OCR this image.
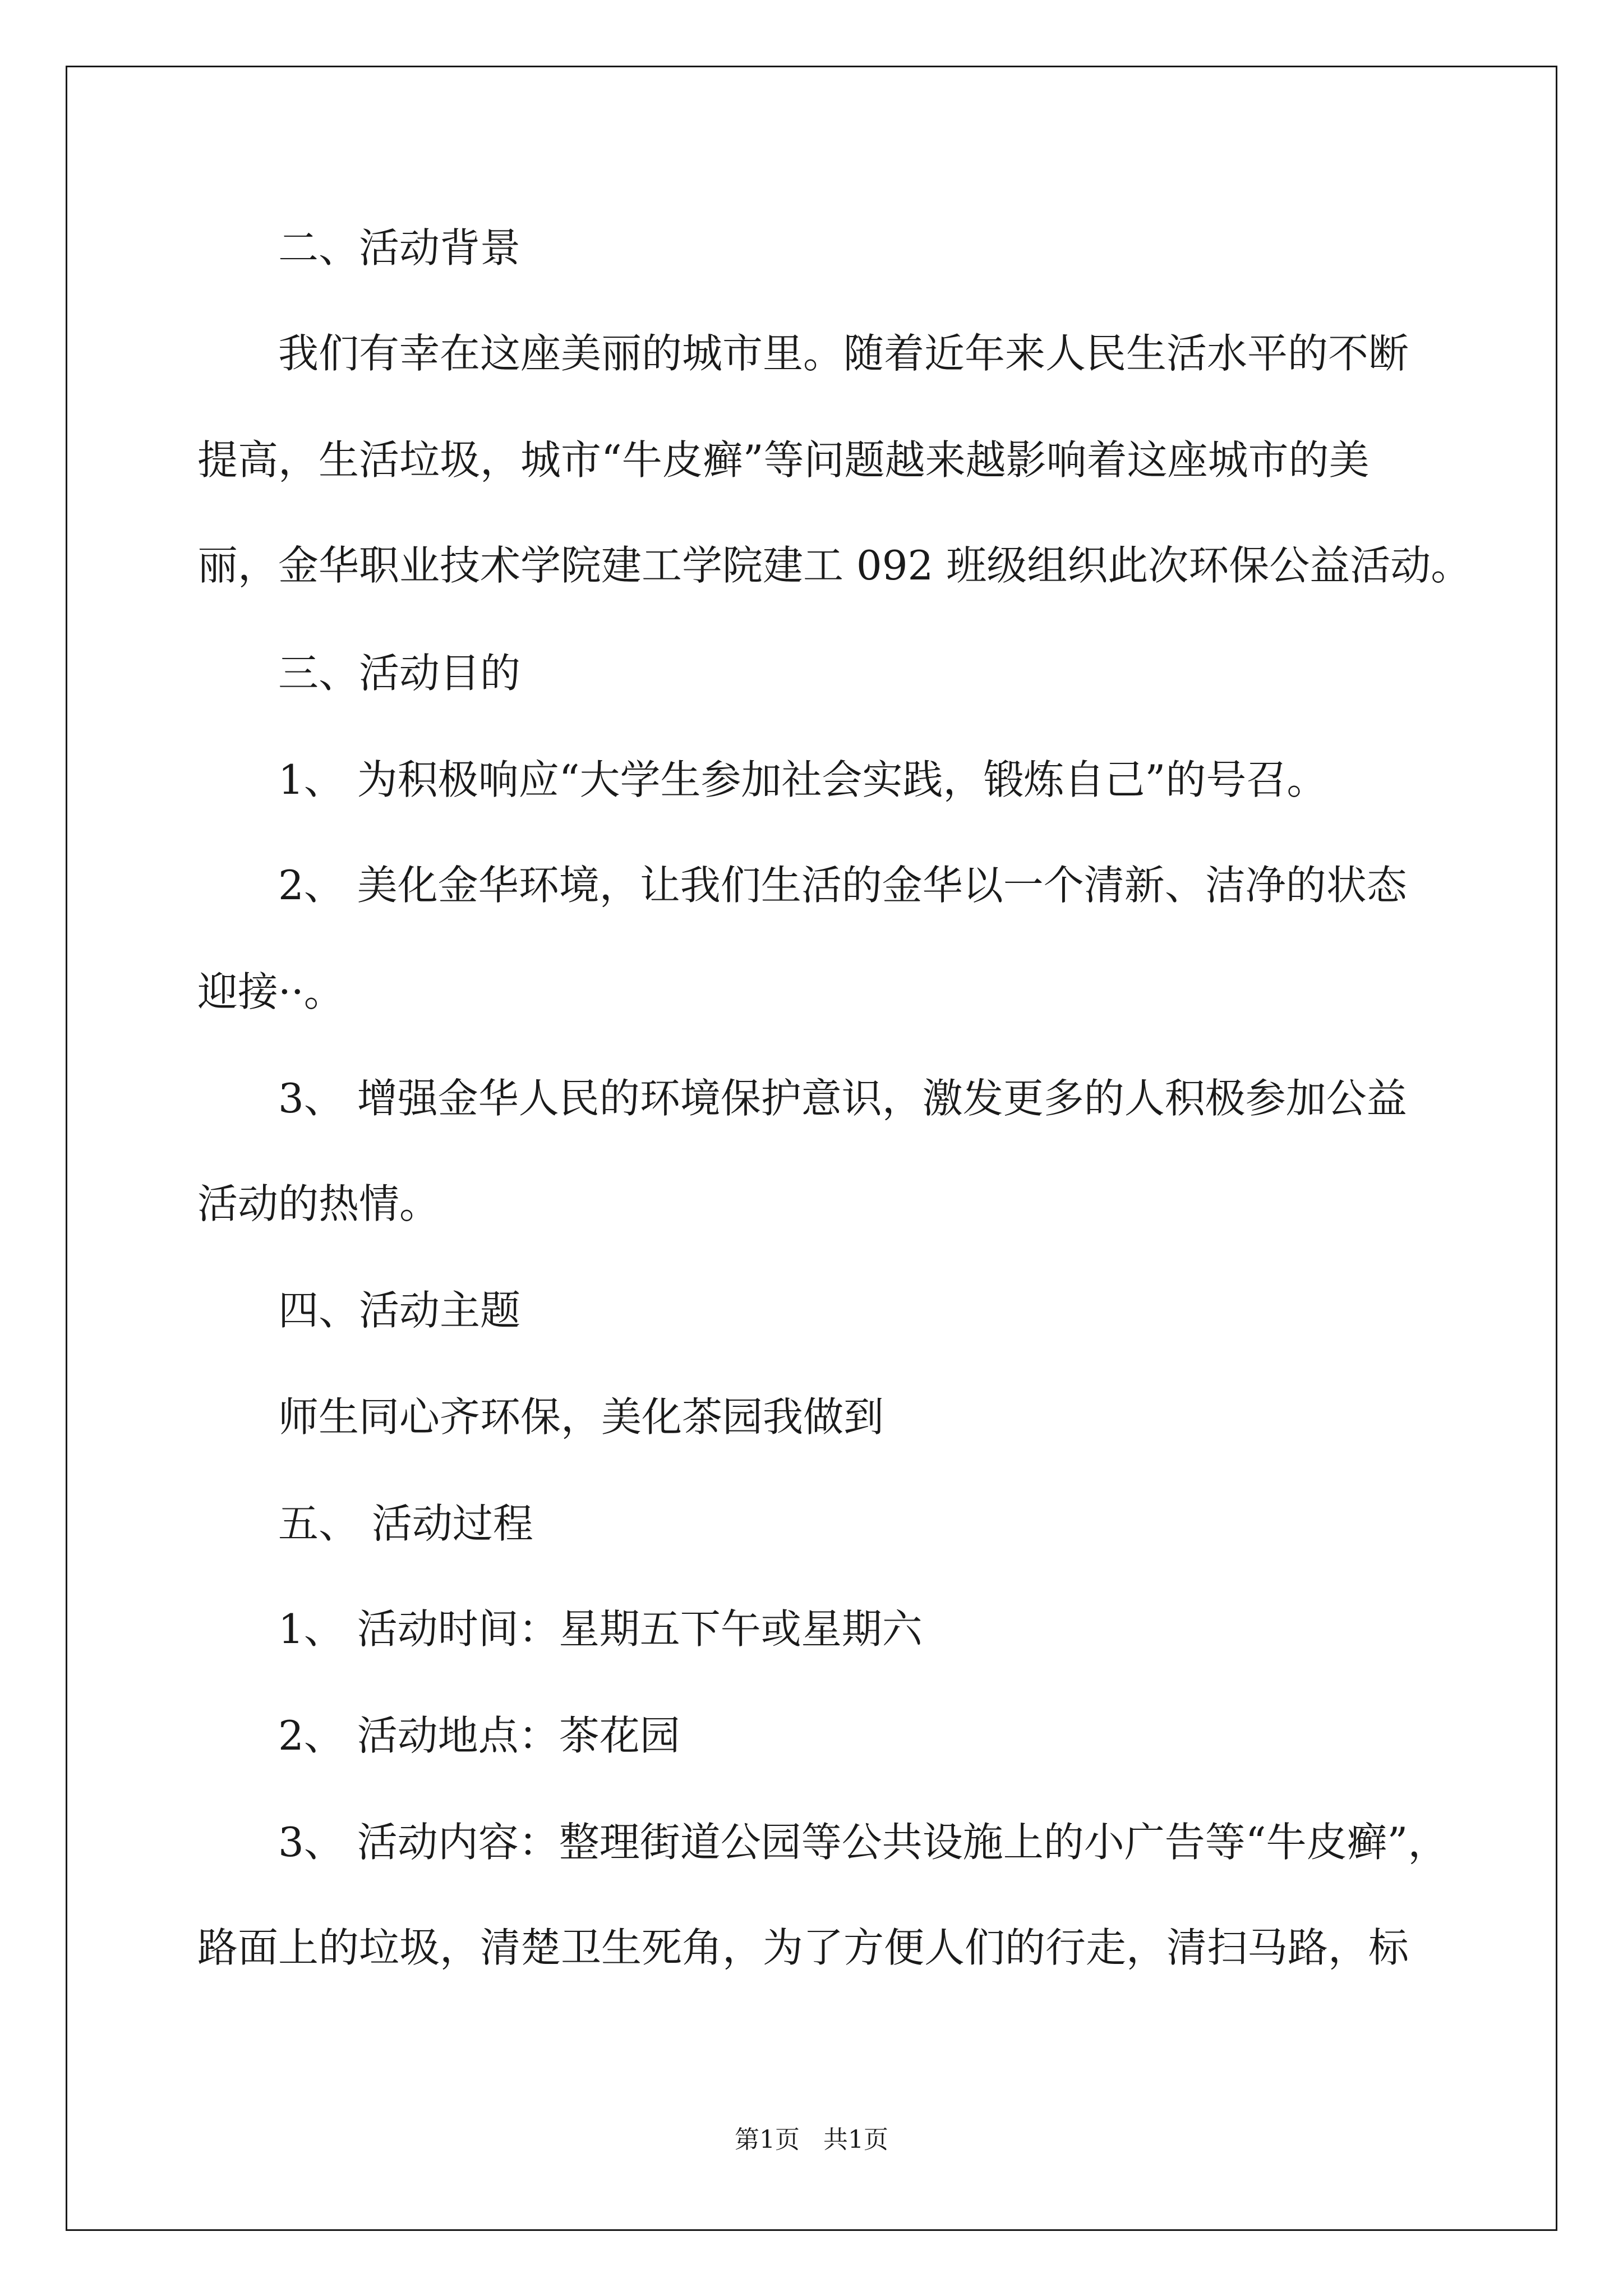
二、活动背景

我们有幸在这座美丽的城市里。随着近年来人民生活水平的不断

提高，生活垃圾，城市“牛皮癣”等问题越来越影响着这座城市的美

丽，金华职业技术学院建工学院建工 092 班级组织此次环保公益活动。

三、活动目的

1、 为积极响应“大学生参加社会实践，锻炼自己”的号召。

2、 美化金华环境，让我们生活的金华以一个清新、洁净的状态

迎接··。

3、 增强金华人民的环境保护意识，激发更多的人积极参加公益

活动的热情。

四、活动主题

师生同心齐环保，美化茶园我做到

五、 活动过程

1、 活动时间：星期五下午或星期六

2、 活动地点：茶花园

3、 活动内容：整理街道公园等公共设施上的小广告等“牛皮癣”，

路面上的垃圾，清楚卫生死角，为了方便人们的行走，清扫马路，标

第1页   共1页
